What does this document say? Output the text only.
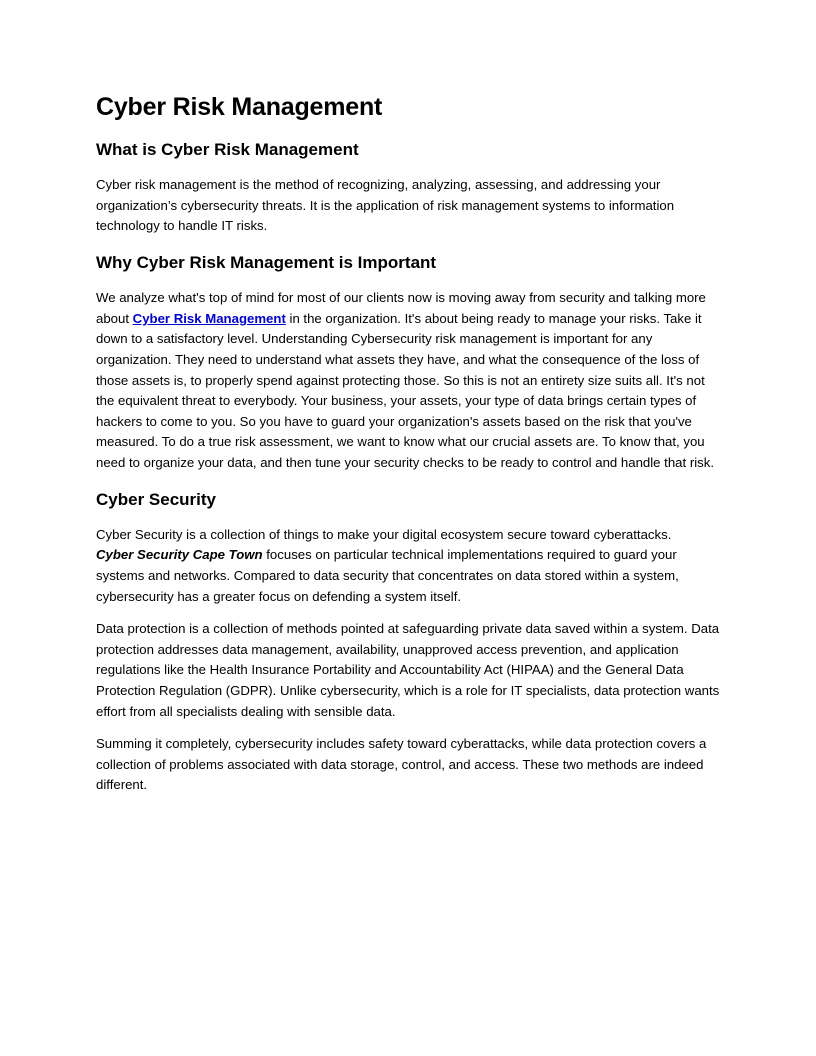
Cyber Risk Management
What is Cyber Risk Management

Cyber risk management is the method of recognizing, analyzing, assessing, and addressing your organization’s cybersecurity threats. It is the application of risk management systems to information technology to handle IT risks.

Why Cyber Risk Management is Important

We analyze what's top of mind for most of our clients now is moving away from security and talking more about Cyber Risk Management in the organization. It's about being ready to manage your risks. Take it down to a satisfactory level. Understanding Cybersecurity risk management is important for any organization. They need to understand what assets they have, and what the consequence of the loss of those assets is, to properly spend against protecting those. So this is not an entirety size suits all. It's not the equivalent threat to everybody. Your business, your assets, your type of data brings certain types of hackers to come to you. So you have to guard your organization's assets based on the risk that you've measured. To do a true risk assessment, we want to know what our crucial assets are. To know that, you need to organize your data, and then tune your security checks to be ready to control and handle that risk.

Cyber Security

Cyber Security is a collection of things to make your digital ecosystem secure toward cyberattacks.
Cyber Security Cape Town focuses on particular technical implementations required to guard your systems and networks. Compared to data security that concentrates on data stored within a system, cybersecurity has a greater focus on defending a system itself.

Data protection is a collection of methods pointed at safeguarding private data saved within a system. Data protection addresses data management, availability, unapproved access prevention, and application regulations like the Health Insurance Portability and Accountability Act (HIPAA) and the General Data Protection Regulation (GDPR). Unlike cybersecurity, which is a role for IT specialists, data protection wants effort from all specialists dealing with sensible data.

Summing it completely, cybersecurity includes safety toward cyberattacks, while data protection covers a collection of problems associated with data storage, control, and access. These two methods are indeed different.
